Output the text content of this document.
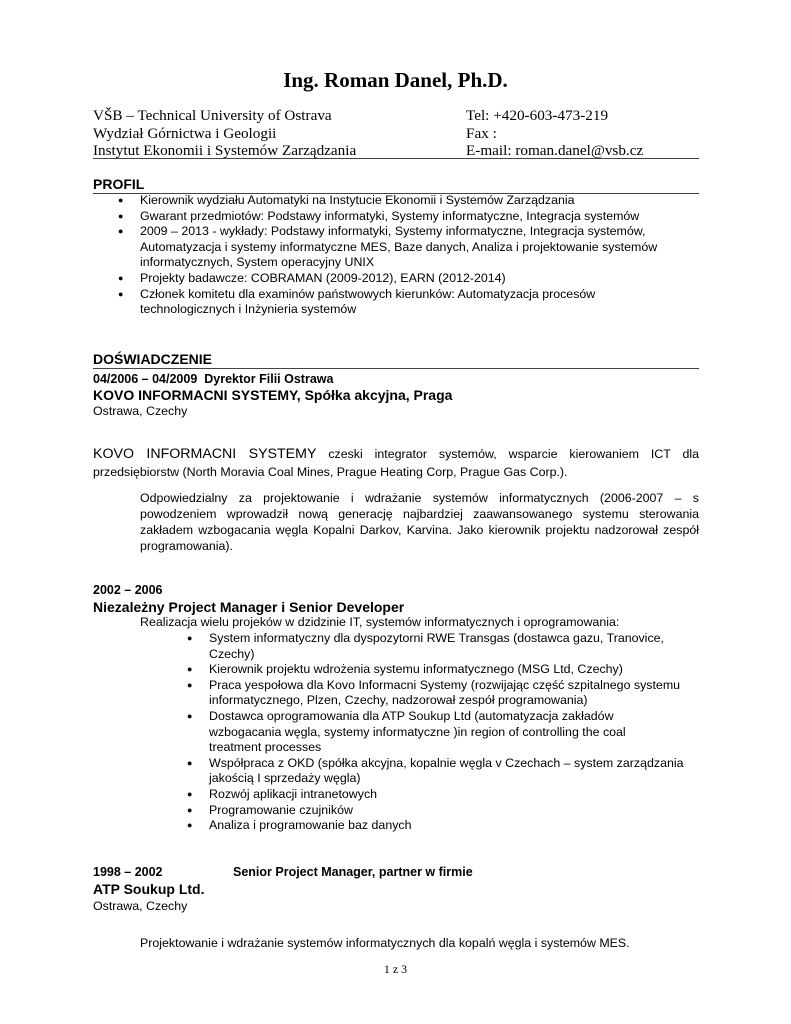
Ing. Roman Danel, Ph.D.
VŠB – Technical University of Ostrava
Wydział Górnictwa i Geologii
Instytut Ekonomii i Systemów Zarządzania
Tel: +420-603-473-219
Fax :
E-mail: roman.danel@vsb.cz
PROFIL
● Kierownik wydziału Automatyki na Instytucie Ekonomii i Systemów Zarządzania
● Gwarant przedmiotów: Podstawy informatyki, Systemy informatyczne, Integracja systemów
● 2009 – 2013 - wykłady: Podstawy informatyki, Systemy informatyczne, Integracja systemów,
Automatyzacja i systemy informatyczne MES, Baze danych, Analiza i projektowanie systemów
informatycznych, System operacyjny UNIX
● Projekty badawcze: COBRAMAN (2009-2012), EARN (2012-2014)
● Członek komitetu dla examinów państwowych kierunków: Automatyzacja procesów
technologicznych i Inżynieria systemów
DOŚWIADCZENIE
04/2006 – 04/2009 Dyrektor Filii Ostrawa
KOVO INFORMACNI SYSTEMY, Spółka akcyjna, Praga
Ostrawa, Czechy
KOVO INFORMACNI SYSTEMY czeski integrator systemów, wsparcie kierowaniem ICT dla przedsiębiorstw (North Moravia Coal Mines, Prague Heating Corp, Prague Gas Corp.).
Odpowiedzialny za projektowanie i wdrażanie systemów informatycznych (2006-2007 – s powodzeniem wprowadził nową generację najbardziej zaawansowanego systemu sterowania zakładem wzbogacania węgla Kopalni Darkov, Karvina. Jako kierownik projektu nadzorował zespół programowania).
2002 – 2006
Niezależny Project Manager i Senior Developer
Realizacja wielu projeków w dzidzinie IT, systemów informatycznych i oprogramowania:
● System informatyczny dla dyspozytorni RWE Transgas (dostawca gazu, Tranovice,
Czechy)
● Kierownik projektu wdrożenia systemu informatycznego (MSG Ltd, Czechy)
● Praca yespołowa dla Kovo Informacni Systemy (rozwijając część szpitalnego systemu
informatycznego, Plzen, Czechy, nadzorował zespół programowania)
● Dostawca oprogramowania dla ATP Soukup Ltd (automatyzacja zakładów
wzbogacania węgla, systemy informatyczne )in region of controlling the coal
treatment processes
● Współpraca z OKD (spółka akcyjna, kopalnie węgla v Czechach – system zarządzania
jakością I sprzedaży węgla)
● Rozwój aplikacji intranetowych
● Programowanie czujników
● Analiza i programowanie baz danych
1998 – 2002	Senior Project Manager, partner w firmie
ATP Soukup Ltd.
Ostrawa, Czechy
Projektowanie i wdrażanie systemów informatycznych dla kopalń węgla i systemów MES.
1 z 3
